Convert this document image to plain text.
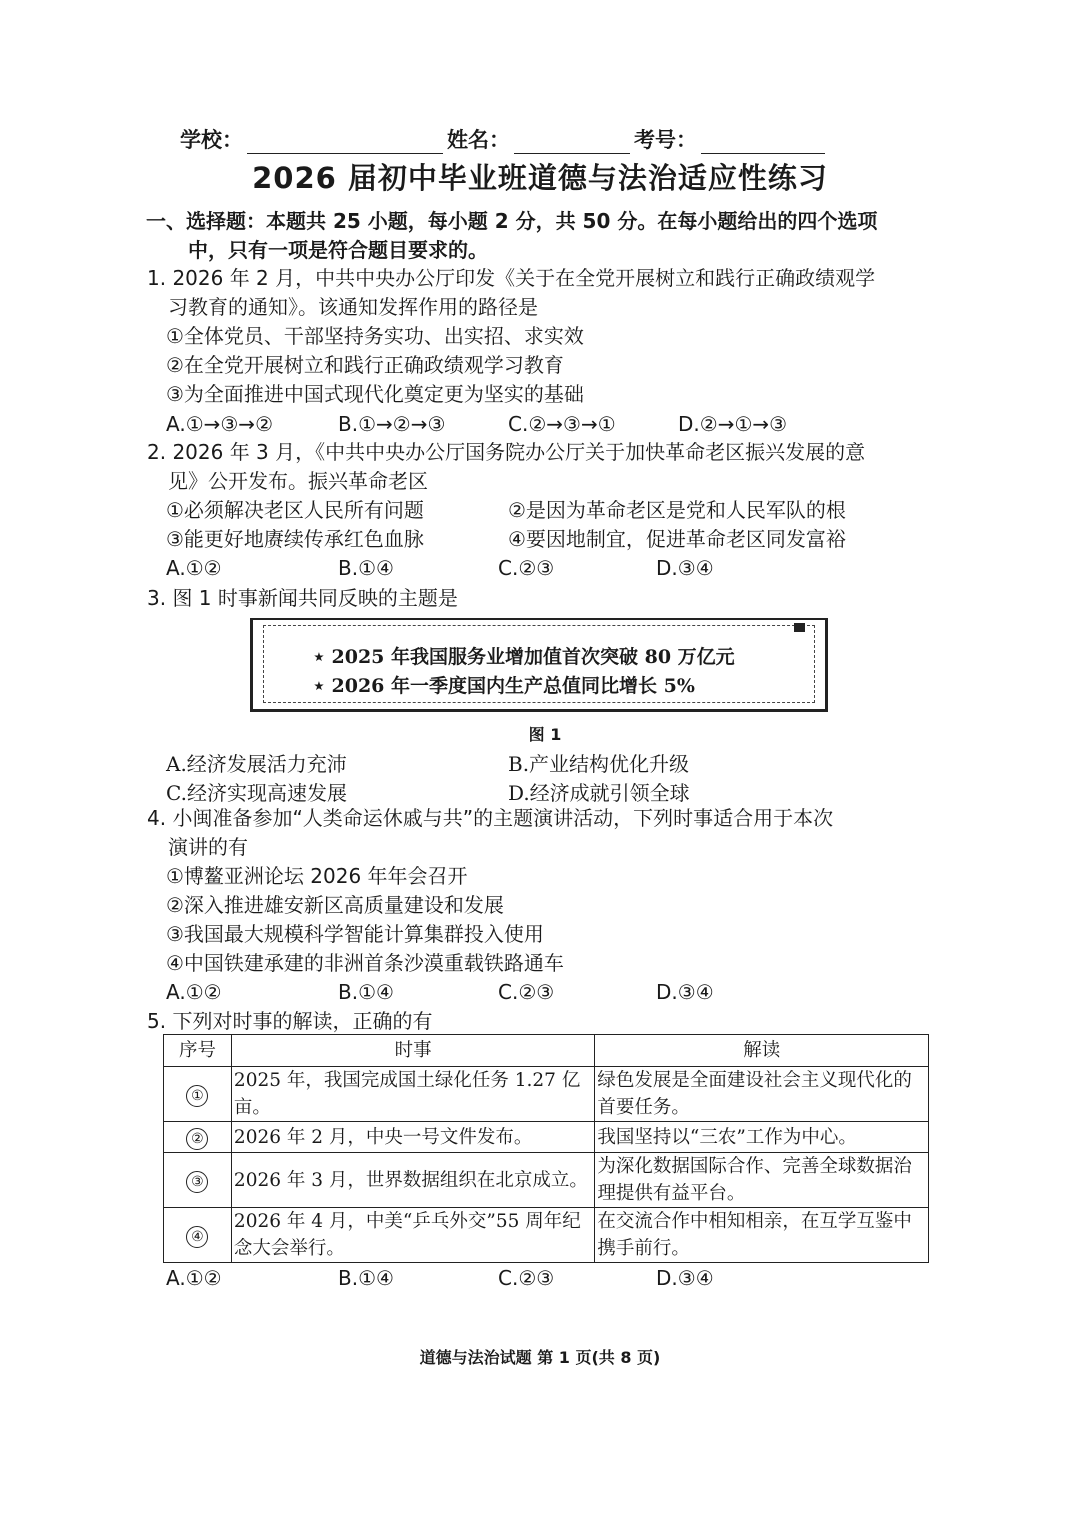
学校：	姓名：	考号：
2026 届初中毕业班道德与法治适应性练习
一、选择题：本题共 25 小题，每小题 2 分，共 50 分。在每小题给出的四个选项
中，只有一项是符合题目要求的。
1. 2026 年 2 月，中共中央办公厅印发《关于在全党开展树立和践行正确政绩观学
习教育的通知》。该通知发挥作用的路径是
①全体党员、干部坚持务实功、出实招、求实效
②在全党开展树立和践行正确政绩观学习教育
③为全面推进中国式现代化奠定更为坚实的基础
A.①→③→②	B.①→②→③	C.②→③→①	D.②→①→③
2. 2026 年 3 月，《中共中央办公厅国务院办公厅关于加快革命老区振兴发展的意
见》公开发布。振兴革命老区
①必须解决老区人民所有问题	②是因为革命老区是党和人民军队的根
③能更好地赓续传承红色血脉	④要因地制宜，促进革命老区同发富裕
A.①②	B.①④	C.②③	D.③④
3. 图 1 时事新闻共同反映的主题是
⋆ 2025 年我国服务业增加值首次突破 80 万亿元
⋆ 2026 年一季度国内生产总值同比增长 5%
图 1
A.经济发展活力充沛	B.产业结构优化升级
C.经济实现高速发展	D.经济成就引领全球
4. 小闽准备参加“人类命运休戚与共”的主题演讲活动，下列时事适合用于本次
演讲的有
①博鳌亚洲论坛 2026 年年会召开
②深入推进雄安新区高质量建设和发展
③我国最大规模科学智能计算集群投入使用
④中国铁建承建的非洲首条沙漠重载铁路通车
A.①②	B.①④	C.②③	D.③④
5. 下列对时事的解读，正确的有
序号	时事	解读
①	2025 年，我国完成国土绿化任务 1.27 亿亩。	绿色发展是全面建设社会主义现代化的首要任务。
②	2026 年 2 月，中央一号文件发布。	我国坚持以“三农”工作为中心。
③	2026 年 3 月，世界数据组织在北京成立。	为深化数据国际合作、完善全球数据治理提供有益平台。
④	2026 年 4 月，中美“乒乓外交”55 周年纪念大会举行。	在交流合作中相知相亲，在互学互鉴中携手前行。
A.①②	B.①④	C.②③	D.③④
道德与法治试题 第 1 页(共 8 页)
